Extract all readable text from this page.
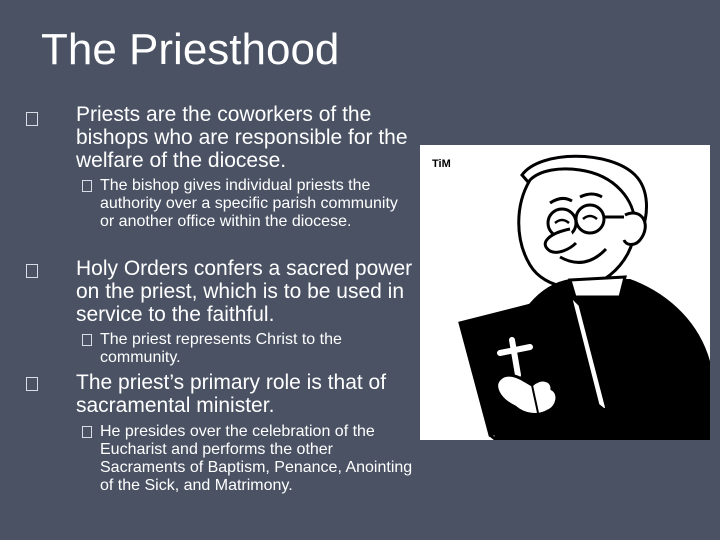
The Priesthood
Priests are the coworkers of the bishops who are responsible for the welfare of the diocese.
The bishop gives individual priests the authority over a specific parish community or another office within the diocese.
Holy Orders confers a sacred power on the priest, which is to be used in service to the faithful.
The priest represents Christ to the community.
The priest’s primary role is that of sacramental minister.
He presides over the celebration of the Eucharist and performs the other Sacraments of Baptism, Penance, Anointing of the Sick, and Matrimony.
TiM
